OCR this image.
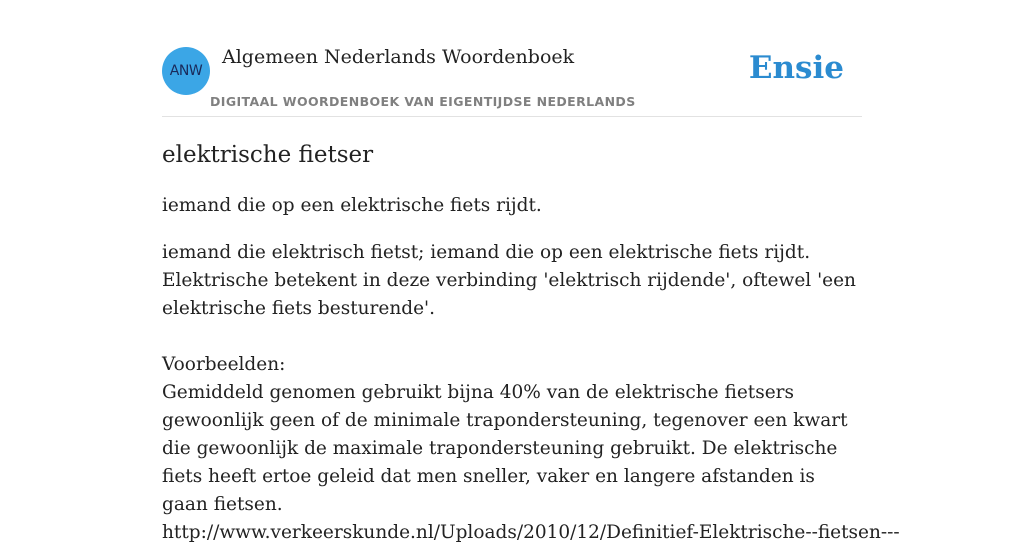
ANW
Algemeen Nederlands Woordenboek
DIGITAAL WOORDENBOEK VAN EIGENTIJDSE NEDERLANDS
Ensie
elektrische fietser

iemand die op een elektrische fiets rijdt.

iemand die elektrisch fietst; iemand die op een elektrische fiets rijdt. Elektrische betekent in deze verbinding 'elektrisch rijdende', oftewel 'een elektrische fiets besturende'.

Voorbeelden:

Gemiddeld genomen gebruikt bijna 40% van de elektrische fietsers gewoonlijk geen of de minimale trapondersteuning, tegenover een kwart die gewoonlijk de maximale trapondersteuning gebruikt. De elektrische fiets heeft ertoe geleid dat men sneller, vaker en langere afstanden is gaan fietsen.

http://www.verkeerskunde.nl/Uploads/2010/12/Definitief-Elektrische--fietsen---
